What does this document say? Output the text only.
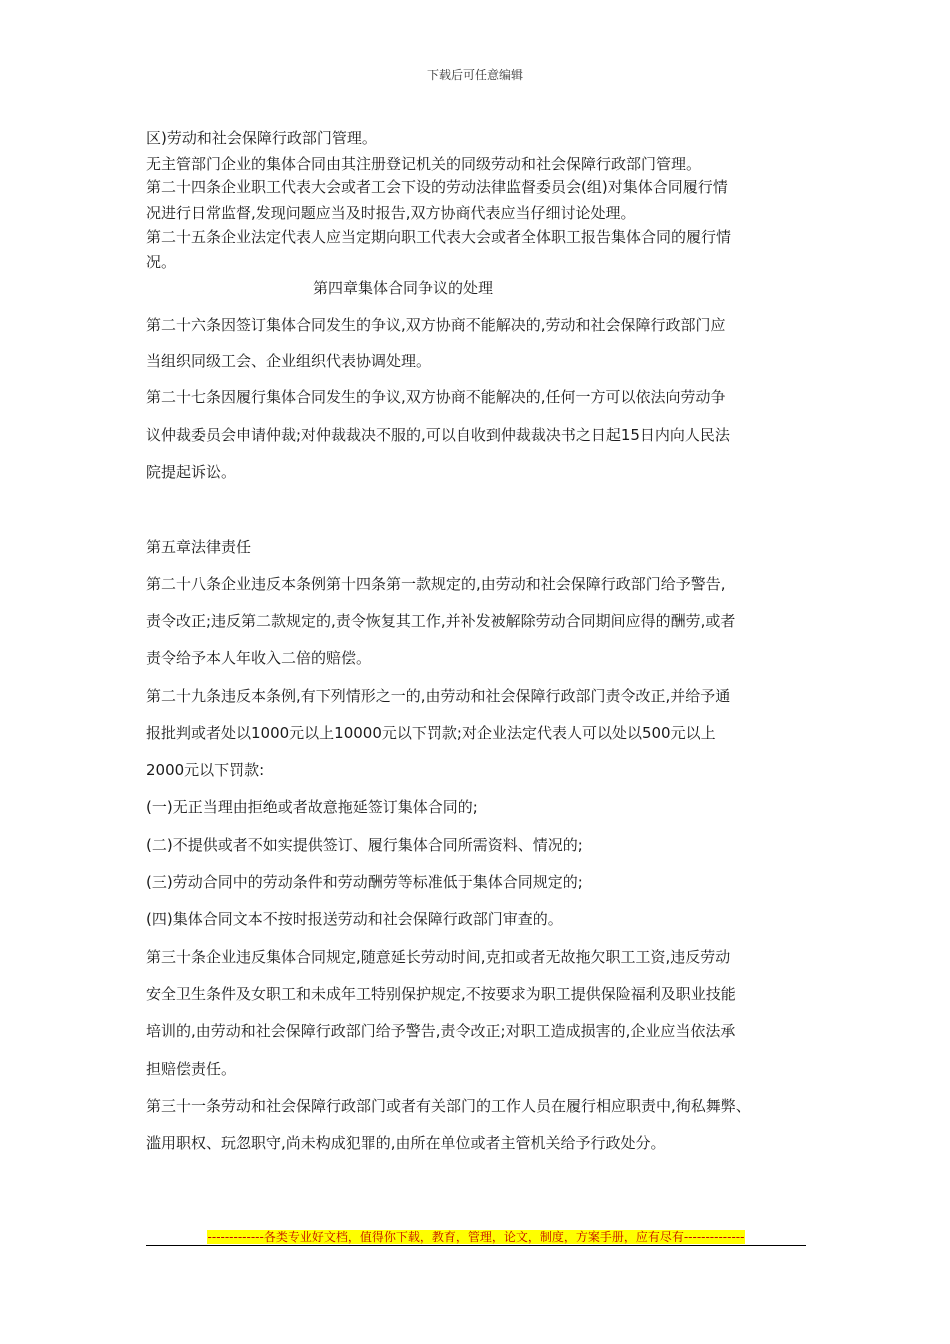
下载后可任意编辑
区)劳动和社会保障行政部门管理。
无主管部门企业的集体合同由其注册登记机关的同级劳动和社会保障行政部门管理。
第二十四条企业职工代表大会或者工会下设的劳动法律监督委员会(组)对集体合同履行情
况进行日常监督,发现问题应当及时报告,双方协商代表应当仔细讨论处理。
第二十五条企业法定代表人应当定期向职工代表大会或者全体职工报告集体合同的履行情
况。
第四章集体合同争议的处理
第二十六条因签订集体合同发生的争议,双方协商不能解决的,劳动和社会保障行政部门应
当组织同级工会、企业组织代表协调处理。
第二十七条因履行集体合同发生的争议,双方协商不能解决的,任何一方可以依法向劳动争
议仲裁委员会申请仲裁;对仲裁裁决不服的,可以自收到仲裁裁决书之日起15日内向人民法
院提起诉讼。
第五章法律责任
第二十八条企业违反本条例第十四条第一款规定的,由劳动和社会保障行政部门给予警告,
责令改正;违反第二款规定的,责令恢复其工作,并补发被解除劳动合同期间应得的酬劳,或者
责令给予本人年收入二倍的赔偿。
第二十九条违反本条例,有下列情形之一的,由劳动和社会保障行政部门责令改正,并给予通
报批判或者处以1000元以上10000元以下罚款;对企业法定代表人可以处以500元以上
2000元以下罚款:
(一)无正当理由拒绝或者故意拖延签订集体合同的;
(二)不提供或者不如实提供签订、履行集体合同所需资料、情况的;
(三)劳动合同中的劳动条件和劳动酬劳等标准低于集体合同规定的;
(四)集体合同文本不按时报送劳动和社会保障行政部门审查的。
第三十条企业违反集体合同规定,随意延长劳动时间,克扣或者无故拖欠职工工资,违反劳动
安全卫生条件及女职工和未成年工特别保护规定,不按要求为职工提供保险福利及职业技能
培训的,由劳动和社会保障行政部门给予警告,责令改正;对职工造成损害的,企业应当依法承
担赔偿责任。
第三十一条劳动和社会保障行政部门或者有关部门的工作人员在履行相应职责中,徇私舞弊、
滥用职权、玩忽职守,尚未构成犯罪的,由所在单位或者主管机关给予行政处分。
-------------各类专业好文档，值得你下载，教育，管理，论文，制度，方案手册，应有尽有--------------
